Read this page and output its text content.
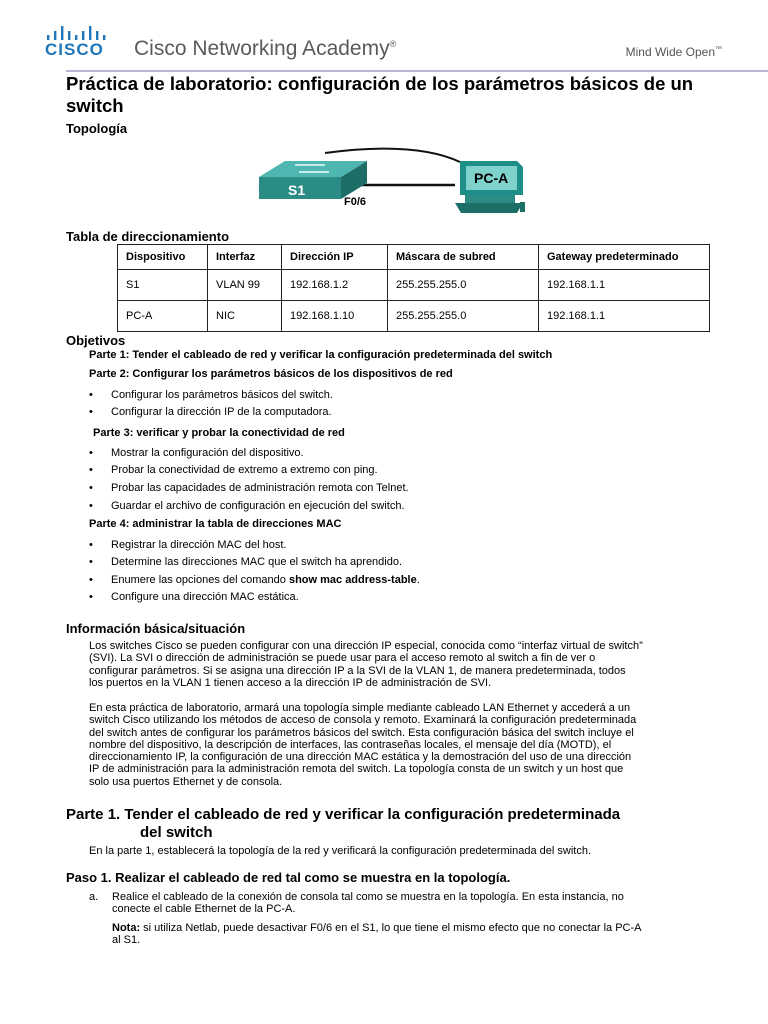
CISCO Cisco Networking Academy®
Mind Wide Open™
Práctica de laboratorio: configuración de los parámetros básicos de un switch
Topología
S1
F0/6
PC-A
Tabla de direccionamiento
Dispositivo	Interfaz	Dirección IP	Máscara de subred	Gateway predeterminado
S1	VLAN 99	192.168.1.2	255.255.255.0	192.168.1.1
PC-A	NIC	192.168.1.10	255.255.255.0	192.168.1.1
Objetivos
Parte 1: Tender el cableado de red y verificar la configuración predeterminada del switch
Parte 2: Configurar los parámetros básicos de los dispositivos de red
• Configurar los parámetros básicos del switch.
• Configurar la dirección IP de la computadora.
Parte 3: verificar y probar la conectividad de red
• Mostrar la configuración del dispositivo.
• Probar la conectividad de extremo a extremo con ping.
• Probar las capacidades de administración remota con Telnet.
• Guardar el archivo de configuración en ejecución del switch.
Parte 4: administrar la tabla de direcciones MAC
• Registrar la dirección MAC del host.
• Determine las direcciones MAC que el switch ha aprendido.
• Enumere las opciones del comando show mac address-table.
• Configure una dirección MAC estática.
Información básica/situación
Los switches Cisco se pueden configurar con una dirección IP especial, conocida como “interfaz virtual de switch”
(SVI). La SVI o dirección de administración se puede usar para el acceso remoto al switch a fin de ver o
configurar parámetros. Si se asigna una dirección IP a la SVI de la VLAN 1, de manera predeterminada, todos
los puertos en la VLAN 1 tienen acceso a la dirección IP de administración de SVI.
En esta práctica de laboratorio, armará una topología simple mediante cableado LAN Ethernet y accederá a un
switch Cisco utilizando los métodos de acceso de consola y remoto. Examinará la configuración predeterminada
del switch antes de configurar los parámetros básicos del switch. Esta configuración básica del switch incluye el
nombre del dispositivo, la descripción de interfaces, las contraseñas locales, el mensaje del día (MOTD), el
direccionamiento IP, la configuración de una dirección MAC estática y la demostración del uso de una dirección
IP de administración para la administración remota del switch. La topología consta de un switch y un host que
solo usa puertos Ethernet y de consola.
Parte 1. Tender el cableado de red y verificar la configuración predeterminada
del switch
En la parte 1, establecerá la topología de la red y verificará la configuración predeterminada del switch.
Paso 1. Realizar el cableado de red tal como se muestra en la topología.
a. Realice el cableado de la conexión de consola tal como se muestra en la topología. En esta instancia, no
conecte el cable Ethernet de la PC-A.
Nota: si utiliza Netlab, puede desactivar F0/6 en el S1, lo que tiene el mismo efecto que no conectar la PC-A
al S1.
